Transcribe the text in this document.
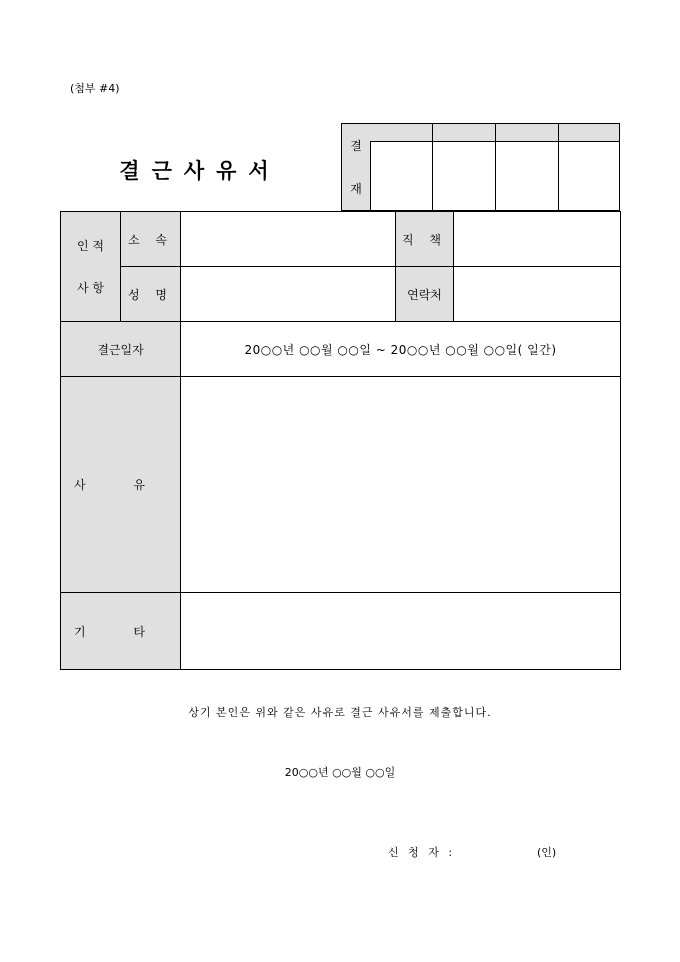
(첨부 #4)
결근사유서
결
재
인 적
사 항	소 속		직 책	
	성 명		연락처	
결근일자		20○○년 ○○월 ○○일 ~ 20○○년 ○○월 ○○일( 일간)		
사 유				
기 타				
상기 본인은 위와 같은 사유로 결근 사유서를 제출합니다.
20○○년 ○○월 ○○일
신 청 자 :	(인)
